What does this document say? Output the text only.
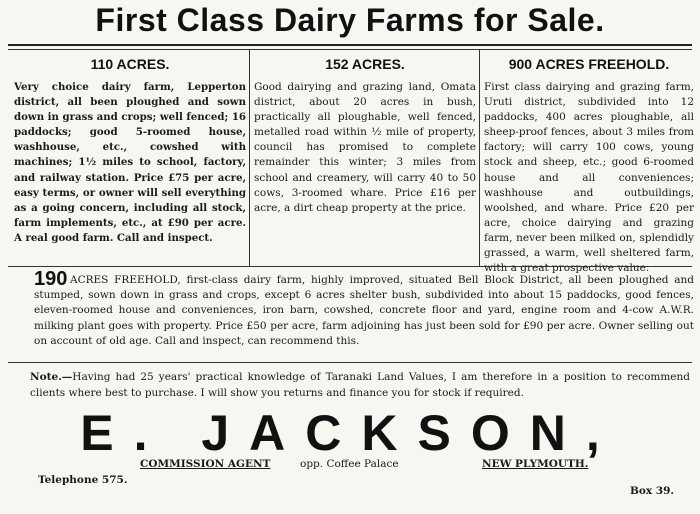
First Class Dairy Farms for Sale.
110 ACRES.

Very choice dairy farm, Lepperton district, all been ploughed and sown down in grass and crops; well fenced; 16 paddocks; good 5-roomed house, washhouse, etc., cowshed with machines; 1½ miles to school, factory, and railway station. Price £75 per acre, easy terms, or owner will sell everything as a going concern, including all stock, farm implements, etc., at £90 per acre. A real good farm. Call and inspect.

152 ACRES.

Good dairying and grazing land, Omata district, about 20 acres in bush, practically all ploughable, well fenced, metalled road within ½ mile of property, council has promised to complete remainder this winter; 3 miles from school and creamery, will carry 40 to 50 cows, 3-roomed whare. Price £16 per acre, a dirt cheap property at the price.

900 ACRES FREEHOLD.

First class dairying and grazing farm, Uruti district, subdivided into 12 paddocks, 400 acres ploughable, all sheep-proof fences, about 3 miles from factory; will carry 100 cows, young stock and sheep, etc.; good 6-roomed house and all conveniences; washhouse and outbuildings, woolshed, and whare. Price £20 per acre, choice dairying and grazing farm, never been milked on, splendidly grassed, a warm, well sheltered farm, with a great prospective value.

190 ACRES FREEHOLD, first-class dairy farm, highly improved, situated Bell Block District, all been ploughed and stumped, sown down in grass and crops, except 6 acres shelter bush, subdivided into about 15 paddocks, good fences, eleven-roomed house and conveniences, iron barn, cowshed, concrete floor and yard, engine room and 4-cow A.W.R. milking plant goes with property. Price £50 per acre, farm adjoining has just been sold for £90 per acre. Owner selling out on account of old age. Call and inspect, can recommend this.
Note.—Having had 25 years' practical knowledge of Taranaki Land Values, I am therefore in a position to recommend clients where best to purchase. I will show you returns and finance you for stock if required.
E. JACKSON,
COMMISSION AGENT	opp. Coffee Palace	NEW PLYMOUTH.
Telephone 575.
Box 39.
